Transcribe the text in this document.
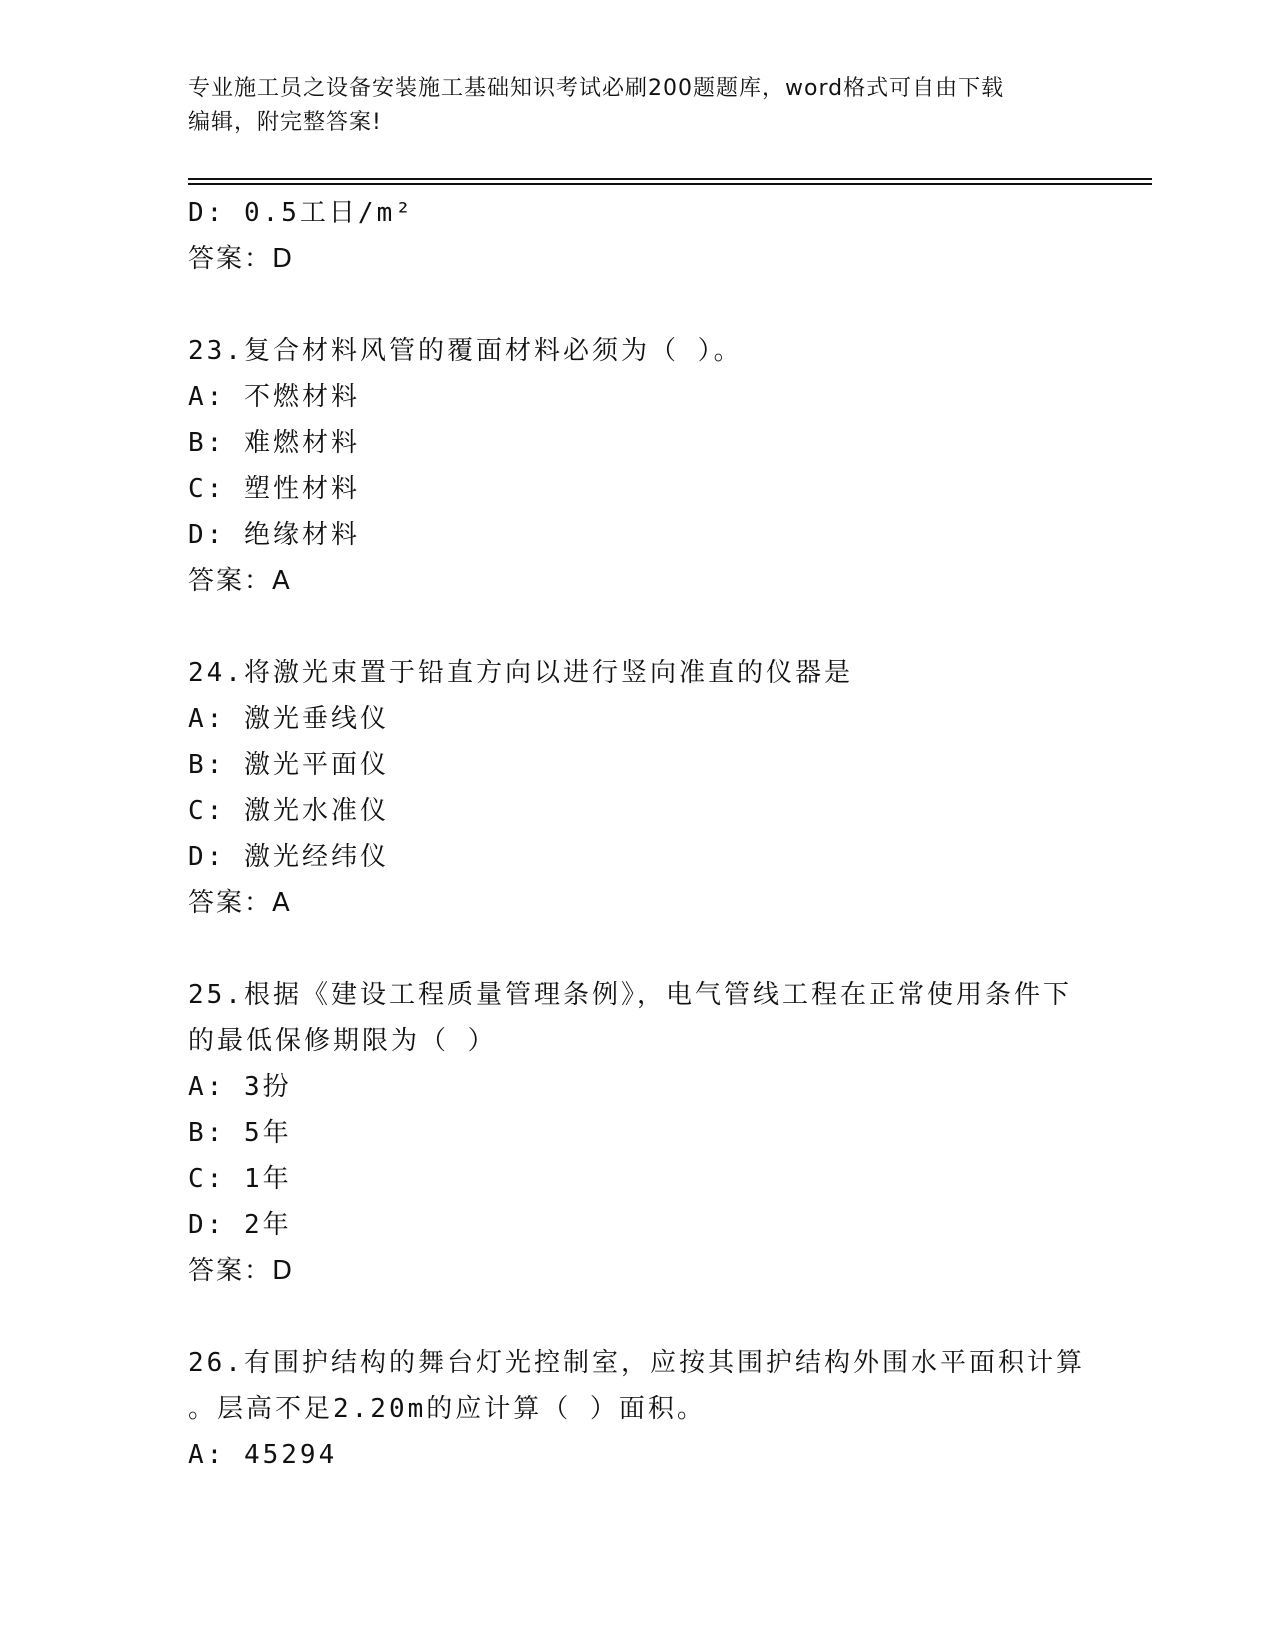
专业施工员之设备安装施工基础知识考试必刷200题题库，word格式可自由下载
编辑，附完整答案!
D: 0.5工日/m²
答案：D
23.复合材料风管的覆面材料必须为（ ）。
A: 不燃材料
B: 难燃材料
C: 塑性材料
D: 绝缘材料
答案：A
24.将激光束置于铅直方向以进行竖向准直的仪器是
A: 激光垂线仪
B: 激光平面仪
C: 激光水准仪
D: 激光经纬仪
答案：A
25.根据《建设工程质量管理条例》，电气管线工程在正常使用条件下
的最低保修期限为（ ）
A: 3扮
B: 5年
C: 1年
D: 2年
答案：D
26.有围护结构的舞台灯光控制室，应按其围护结构外围水平面积计算
。层高不足2.20m的应计算（ ）面积。
A: 45294
